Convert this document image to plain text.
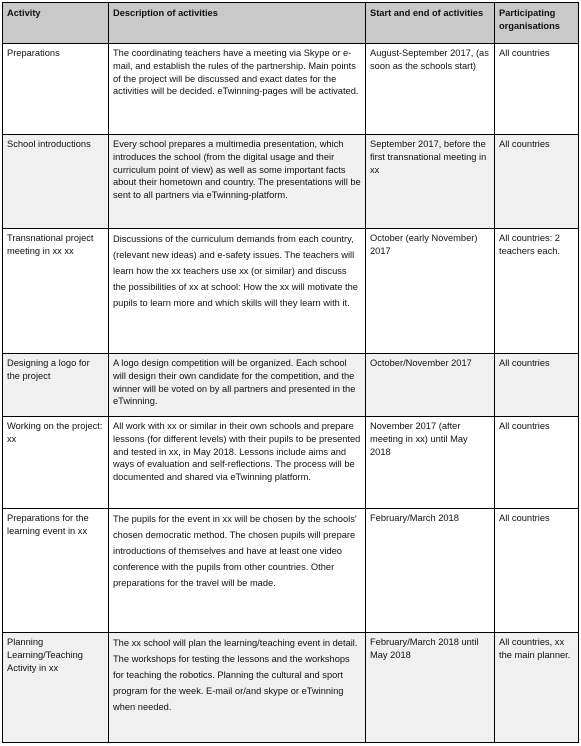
Activity	Description of activities	Start and end of activities	Participating organisations
Preparations	The coordinating teachers have a meeting via Skype or e-mail, and establish the rules of the partnership. Main points of the project will be discussed and exact dates for the activities will be decided. eTwinning-pages will be activated.	August-September 2017, (as soon as the schools start)	All countries
School introductions	Every school prepares a multimedia presentation, which introduces the school (from the digital usage and their curriculum point of view) as well as some important facts about their hometown and country. The presentations will be sent to all partners via eTwinning-platform.	September 2017, before the first transnational meeting in xx	All countries
Transnational project meeting in xx xx	Discussions of the curriculum demands from each country, (relevant new ideas) and e-safety issues. The teachers will learn how the xx teachers use xx (or similar) and discuss the possibilities of xx at school: How the xx will motivate the pupils to learn more and which skills will they learn with it.	October (early November) 2017	All countries: 2 teachers each.
Designing a logo for the project	A logo design competition will be organized. Each school will design their own candidate for the competition, and the winner will be voted on by all partners and presented in the eTwinning.	October/November 2017	All countries
Working on the project: xx	All work with xx or similar in their own schools and prepare lessons (for different levels) with their pupils to be presented and tested in xx, in May 2018. Lessons include aims and ways of evaluation and self-reflections. The process will be documented and shared via eTwinning platform.	November 2017 (after meeting in xx) until May 2018	All countries
Preparations for the learning event in xx	The pupils for the event in xx will be chosen by the schools' chosen democratic method. The chosen pupils will prepare introductions of themselves and have at least one video conference with the pupils from other countries. Other preparations for the travel will be made.	February/March 2018	All countries
Planning Learning/Teaching Activity in xx	The xx school will plan the learning/teaching event in detail. The workshops for testing the lessons and the workshops for teaching the robotics. Planning the cultural and sport program for the week. E-mail or/and skype or eTwinning when needed.	February/March 2018 until May 2018	All countries, xx the main planner.
